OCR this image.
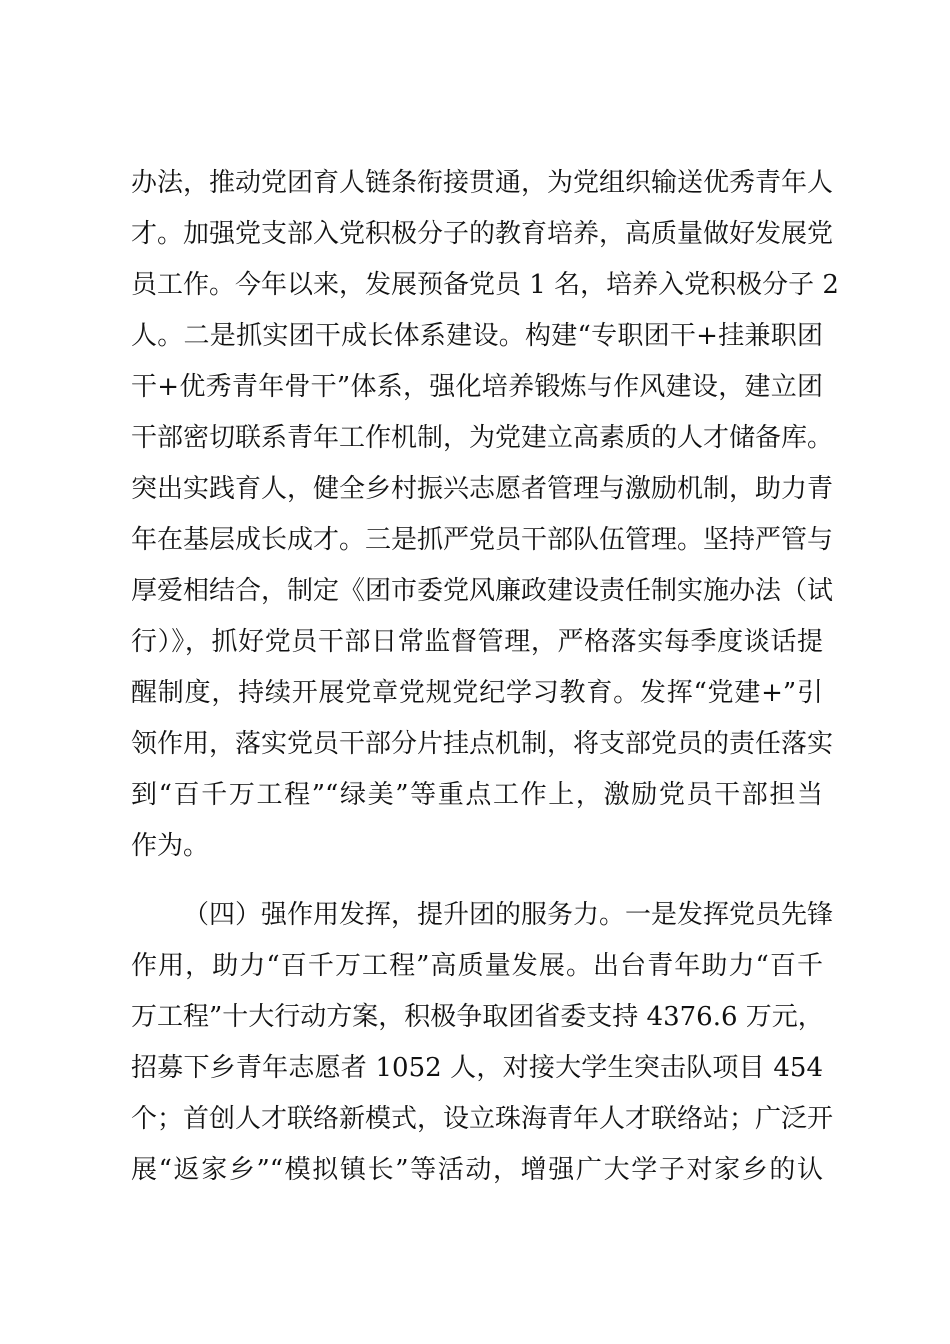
办法，推动党团育人链条衔接贯通，为党组织输送优秀青年人
才。加强党支部入党积极分子的教育培养，高质量做好发展党
员工作。今年以来，发展预备党员 1 名，培养入党积极分子 2
人。二是抓实团干成长体系建设。构建“专职团干+挂兼职团
干+优秀青年骨干”体系，强化培养锻炼与作风建设，建立团
干部密切联系青年工作机制，为党建立高素质的人才储备库。
突出实践育人，健全乡村振兴志愿者管理与激励机制，助力青
年在基层成长成才。三是抓严党员干部队伍管理。坚持严管与
厚爱相结合，制定《团市委党风廉政建设责任制实施办法（试
行）》，抓好党员干部日常监督管理，严格落实每季度谈话提
醒制度，持续开展党章党规党纪学习教育。发挥“党建+”引
领作用，落实党员干部分片挂点机制，将支部党员的责任落实
到“百千万工程”“绿美”等重点工作上，激励党员干部担当
作为。
（四）强作用发挥，提升团的服务力。一是发挥党员先锋
作用，助力“百千万工程”高质量发展。出台青年助力“百千
万工程”十大行动方案，积极争取团省委支持 4376.6 万元，
招募下乡青年志愿者 1052 人，对接大学生突击队项目 454
个；首创人才联络新模式，设立珠海青年人才联络站；广泛开
展“返家乡”“模拟镇长”等活动，增强广大学子对家乡的认
